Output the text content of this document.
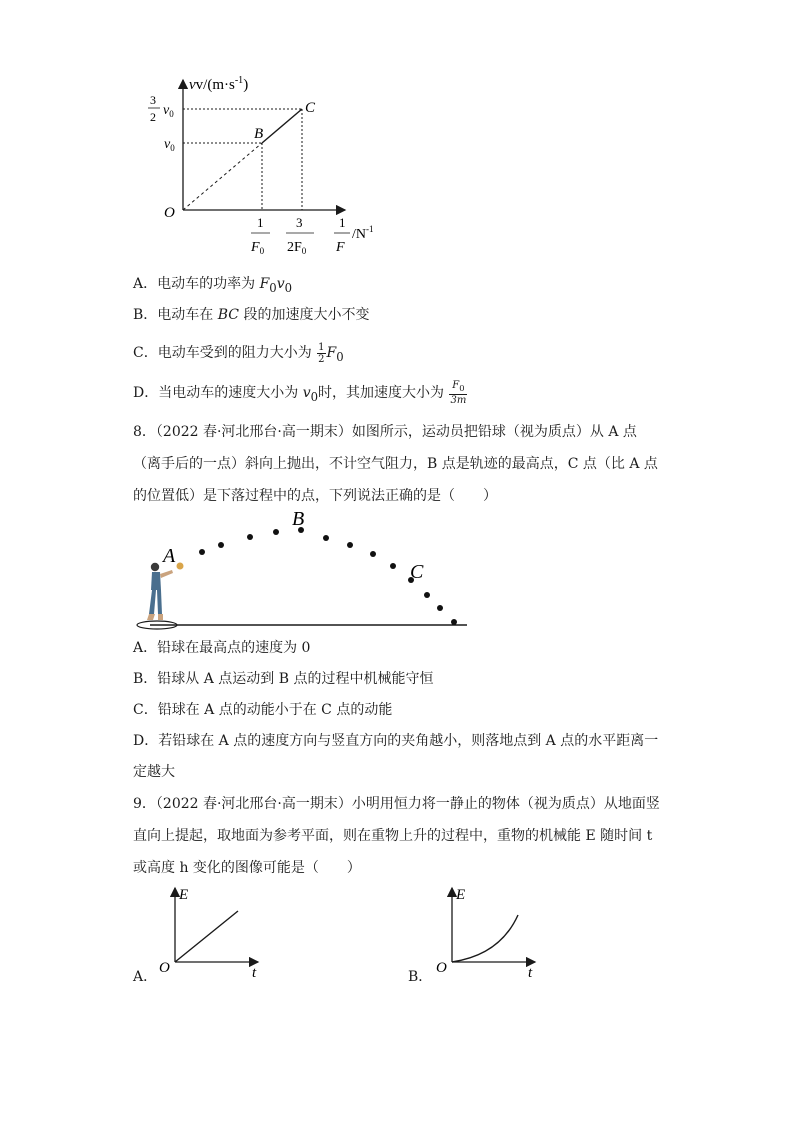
$vv/(m\cdot s^{-1})$
O
B
C
$v_0$
3
2 $v_0$
1
$F_0$
3
$2F_0$
1
F
$/N^{-1}$
A．电动车的功率为 $F_0v_0$
B．电动车在 BC 段的加速度大小不变
C．电动车受到的阻力大小为 $\frac{1}{2} F_0$
D．当电动车的速度大小为 $v_0$时，其加速度大小为 $\frac{F_0}{3m}$
8．（2022 春·河北邢台·高一期末）如图所示，运动员把铅球（视为质点）从 A 点（离手后的一点）斜向上抛出，不计空气阻力，B 点是轨迹的最高点，C 点（比 A 点的位置低）是下落过程中的点，下列说法正确的是（　　）
A
B
C
A．铅球在最高点的速度为 0
B．铅球从 A 点运动到 B 点的过程中机械能守恒
C．铅球在 A 点的动能小于在 C 点的动能
D．若铅球在 A 点的速度方向与竖直方向的夹角越小，则落地点到 A 点的水平距离一定越大
9．（2022 春·河北邢台·高一期末）小明用恒力将一静止的物体（视为质点）从地面竖直向上提起，取地面为参考平面，则在重物上升的过程中，重物的机械能 E 随时间 t 或高度 h 变化的图像可能是（　　）
A．
E
t
O
B．
E
t
O
